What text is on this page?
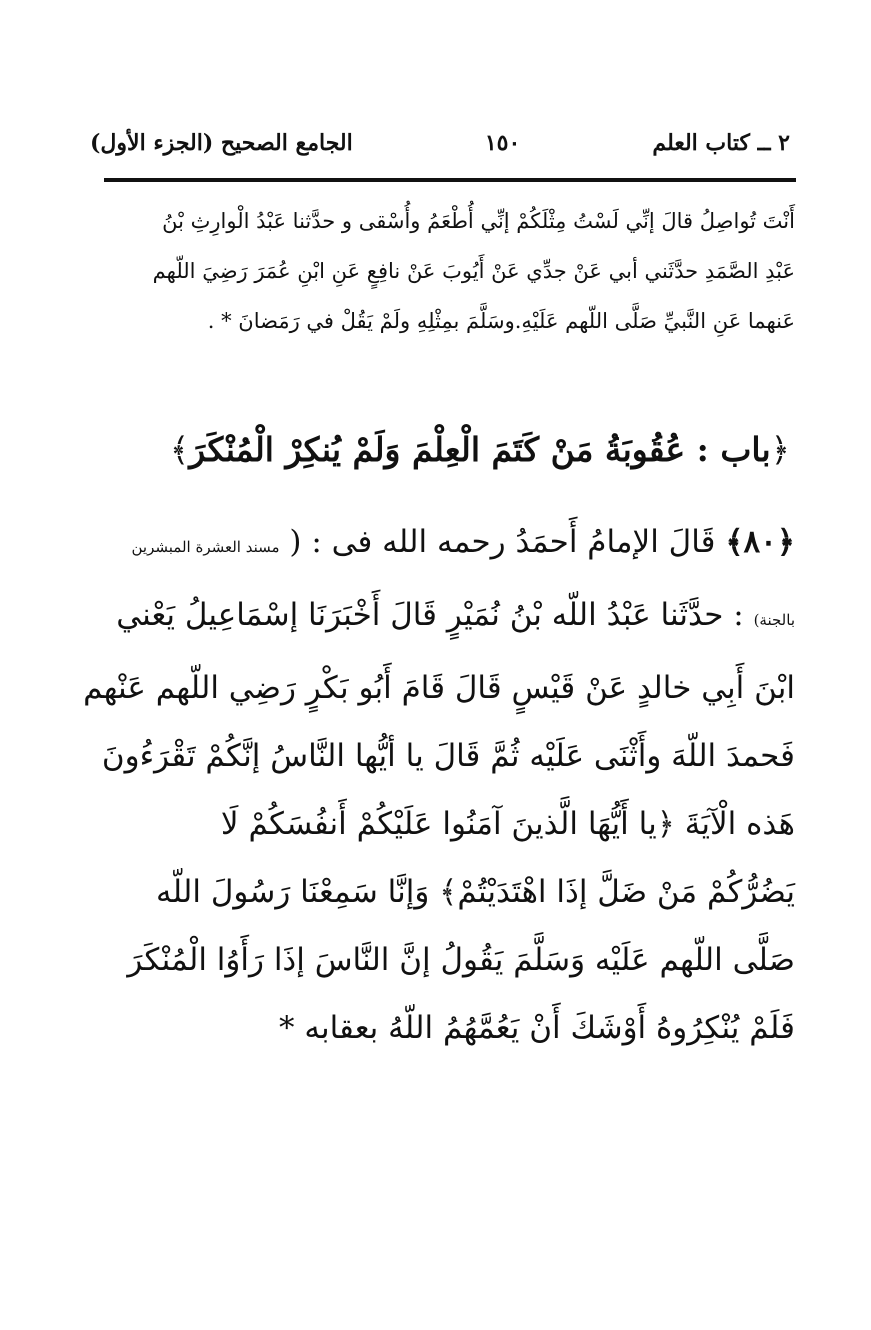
٢ ــ كتاب العلم
١٥٠
الجامع الصحيح (الجزء الأول)
أَنْتَ تُواصِلُ قالَ إنِّي لَسْتُ مِثْلَكُمْ إنِّي أُطْعَمُ وأُسْقى و حدَّثنا عَبْدُ الْوارِثِ بْنُ
عَبْدِ الصَّمَدِ حدَّثَني أبي عَنْ جدِّي عَنْ أَيُوبَ عَنْ نافِعٍ عَنِ ابْنِ عُمَرَ رَضِيَ اللّهم
عَنهما عَنِ النَّبيِّ صَلَّى اللّهم عَلَيْهِ.وسَلَّمَ بمِثْلِهِ ولَمْ يَقُلْ في رَمَضانَ * .
﴿باب : عُقُوبَةُ مَنْ كَتَمَ الْعِلْمَ وَلَمْ يُنكِرْ الْمُنْكَرَ﴾
﴿٨٠﴾ قَالَ الإمامُ أَحمَدُ رحمه الله فى : ( مسند العشرة المبشرين
بالجنة) : حدَّثَنا عَبْدُ اللّه بْنُ نُمَيْرٍ قَالَ أَخْبَرَنَا إسْمَاعِيلُ يَعْني
ابْنَ أَبِي خالدٍ عَنْ قَيْسٍ قَالَ قَامَ أَبُو بَكْرٍ رَضِي اللّهم عَنْهم
فَحمدَ اللّهَ وأَثْنَى عَلَيْه ثُمَّ قَالَ يا أيُّها النَّاسُ إنَّكُمْ تَقْرَءُونَ
هَذه الْآيَةَ ﴿يا أَيُّهَا الَّذينَ آمَنُوا عَلَيْكُمْ أَنفُسَكُمْ لَا
يَضُرُّكُمْ مَنْ ضَلَّ إذَا اهْتَدَيْتُمْ﴾ وَإنَّا سَمِعْنَا رَسُولَ اللّه
صَلَّى اللّهم عَلَيْه وَسَلَّمَ يَقُولُ إنَّ النَّاسَ إذَا رَأَوُا الْمُنْكَرَ
فَلَمْ يُنْكِرُوهُ أَوْشَكَ أَنْ يَعُمَّهُمُ اللّهُ بعقابه *
